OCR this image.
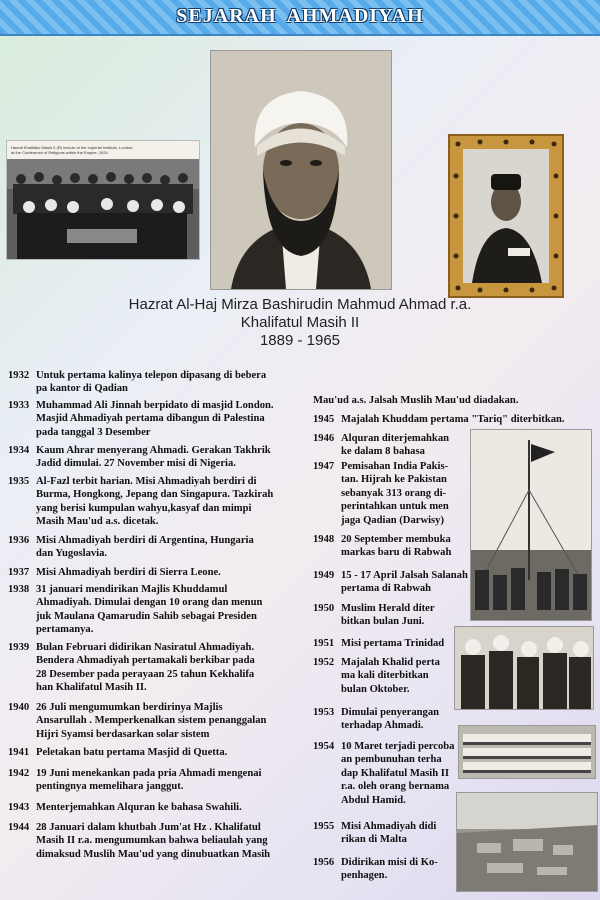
SEJARAH AHMADIYAH
Hazrat Khalifatul Masih II (R) lecture at the Imperial Institute, London,
at the Conference of Religions within the Empire, 1924
Hazrat Al-Haj Mirza Bashirudin Mahmud Ahmad r.a.
Khalifatul Masih II
1889 - 1965
1932 Untuk pertama kalinya telepon dipasang di bebera
pa kantor di Qadian
1933 Muhammad Ali Jinnah berpidato di masjid London.
Masjid Ahmadiyah pertama dibangun di Palestina
pada tanggal 3 Desember
1934 Kaum Ahrar menyerang Ahmadi. Gerakan Takhrik
Jadid dimulai. 27 November misi di Nigeria.
1935 Al-Fazl terbit harian. Misi Ahmadiyah berdiri di
Burma, Hongkong, Jepang dan Singapura. Tazkirah
yang berisi kumpulan wahyu,kasyaf dan mimpi
Masih Mau'ud a.s. dicetak.
1936 Misi Ahmadiyah berdiri di Argentina, Hungaria
dan Yugoslavia.
1937 Misi Ahmadiyah berdiri di Sierra Leone.
1938 31 januari mendirikan Majlis Khuddamul
Ahmadiyah. Dimulai dengan 10 orang dan menun
juk Maulana Qamarudin Sahib sebagai Presiden
pertamanya.
1939 Bulan Februari didirikan Nasiratul Ahmadiyah.
Bendera Ahmadiyah pertamakali berkibar pada
28 Desember pada perayaan 25 tahun Kekhalifa
han Khalifatul Masih II.
1940 26 Juli mengumumkan berdirinya Majlis
Ansarullah . Memperkenalkan sistem penanggalan
Hijri Syamsi berdasarkan solar sistem
1941 Peletakan batu pertama Masjid di Quetta.
1942 19 Juni menekankan pada pria Ahmadi mengenai
pentingnya memelihara janggut.
1943 Menterjemahkan Alquran ke bahasa Swahili.
1944 28 Januari dalam khutbah Jum'at Hz . Khalifatul
Masih II r.a. mengumumkan bahwa beliaulah yang
dimaksud Muslih Mau'ud yang dinubuatkan Masih
Mau'ud a.s. Jalsah Muslih Mau'ud diadakan.
1945 Majalah Khuddam pertama "Tariq" diterbitkan.
1946 Alquran diterjemahkan
ke dalam 8 bahasa
1947 Pemisahan India Pakis-
tan. Hijrah ke Pakistan
sebanyak 313 orang di-
perintahkan untuk men
jaga Qadian (Darwisy)
1948 20 September membuka
markas baru di Rabwah
1949 15 - 17 April Jalsah Salanah
pertama di Rabwah
1950 Muslim Herald diter
bitkan bulan Juni.
1951 Misi pertama Trinidad
1952 Majalah Khalid perta
ma kali diterbitkan
bulan Oktober.
1953 Dimulai penyerangan
terhadap Ahmadi.
1954 10 Maret terjadi percoba
an pembunuhan terha
dap Khalifatul Masih II
r.a. oleh orang bernama
Abdul Hamid.
1955 Misi Ahmadiyah didi
rikan di Malta
1956 Didirikan misi di Ko-
penhagen.
